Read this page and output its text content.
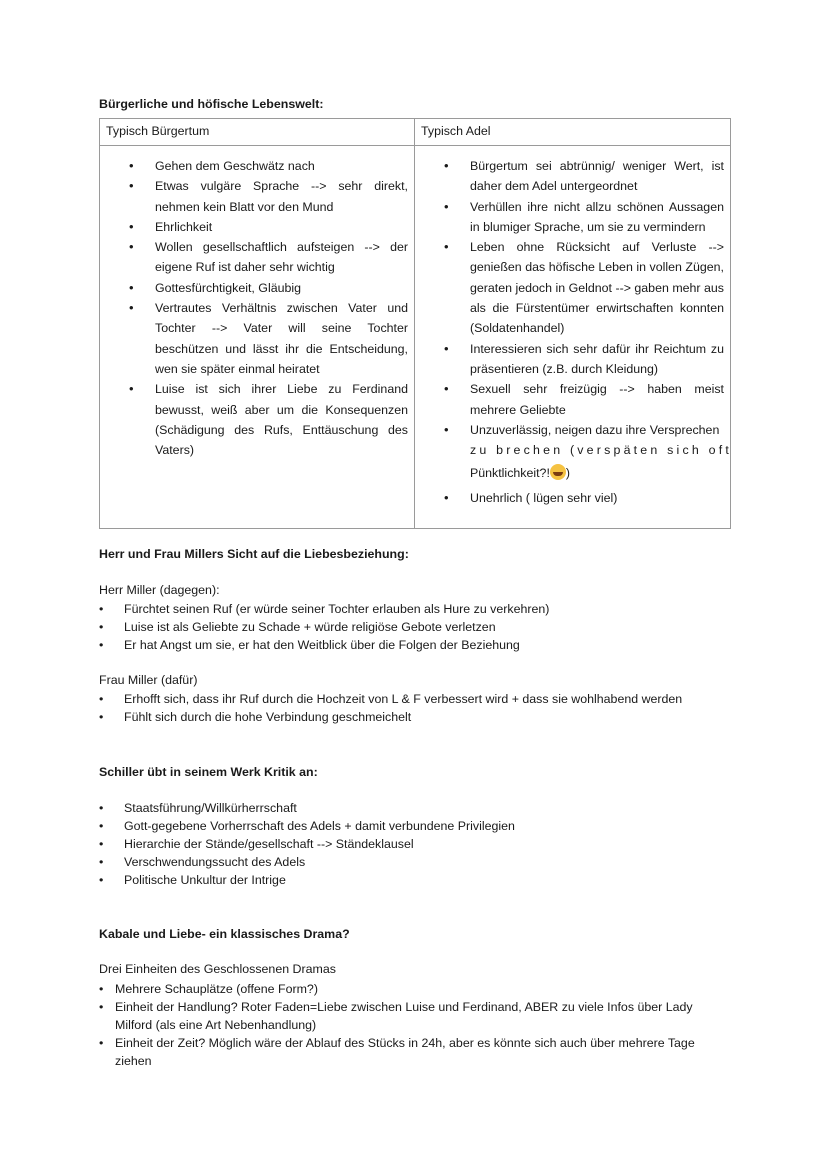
Bürgerliche und höfische Lebenswelt:
Typisch Bürgertum	Typisch Adel

• Gehen dem Geschwätz nach
• Etwas vulgäre Sprache --> sehr direkt, nehmen kein Blatt vor den Mund
• Ehrlichkeit
• Wollen gesellschaftlich aufsteigen --> der eigene Ruf ist daher sehr wichtig
• Gottesfürchtigkeit, Gläubig
• Vertrautes Verhältnis zwischen Vater und Tochter --> Vater will seine Tochter beschützen und lässt ihr die Entscheidung, wen sie später einmal heiratet
• Luise ist sich ihrer Liebe zu Ferdinand bewusst, weiß aber um die Konsequenzen (Schädigung des Rufs, Enttäuschung des Vaters)

• Bürgertum sei abtrünnig/ weniger Wert, ist daher dem Adel untergeordnet
• Verhüllen ihre nicht allzu schönen Aussagen in blumiger Sprache, um sie zu vermindern
• Leben ohne Rücksicht auf Verluste --> genießen das höfische Leben in vollen Zügen, geraten jedoch in Geldnot --> gaben mehr aus als die Fürstentümer erwirtschaften konnten (Soldatenhandel)
• Interessieren sich sehr dafür ihr Reichtum zu präsentieren (z.B. durch Kleidung)
• Sexuell sehr freizügig --> haben meist mehrere Geliebte
• Unzuverlässig, neigen dazu ihre Versprechen
zu brechen (verspäten sich oft
Pünktlichkeit?! )
• Unehrlich ( lügen sehr viel)
Herr und Frau Millers Sicht auf die Liebesbeziehung:
Herr Miller (dagegen):
• Fürchtet seinen Ruf (er würde seiner Tochter erlauben als Hure zu verkehren)
• Luise ist als Geliebte zu Schade + würde religiöse Gebote verletzen
• Er hat Angst um sie, er hat den Weitblick über die Folgen der Beziehung
Frau Miller (dafür)
• Erhofft sich, dass ihr Ruf durch die Hochzeit von L & F verbessert wird + dass sie wohlhabend werden
• Fühlt sich durch die hohe Verbindung geschmeichelt
Schiller übt in seinem Werk Kritik an:
• Staatsführung/Willkürherrschaft
• Gott-gegebene Vorherrschaft des Adels + damit verbundene Privilegien
• Hierarchie der Stände/gesellschaft --> Ständeklausel
• Verschwendungssucht des Adels
• Politische Unkultur der Intrige
Kabale und Liebe- ein klassisches Drama?
Drei Einheiten des Geschlossenen Dramas
• Mehrere Schauplätze (offene Form?)
• Einheit der Handlung? Roter Faden=Liebe zwischen Luise und Ferdinand, ABER zu viele Infos über Lady Milford (als eine Art Nebenhandlung)
• Einheit der Zeit? Möglich wäre der Ablauf des Stücks in 24h, aber es könnte sich auch über mehrere Tage ziehen
